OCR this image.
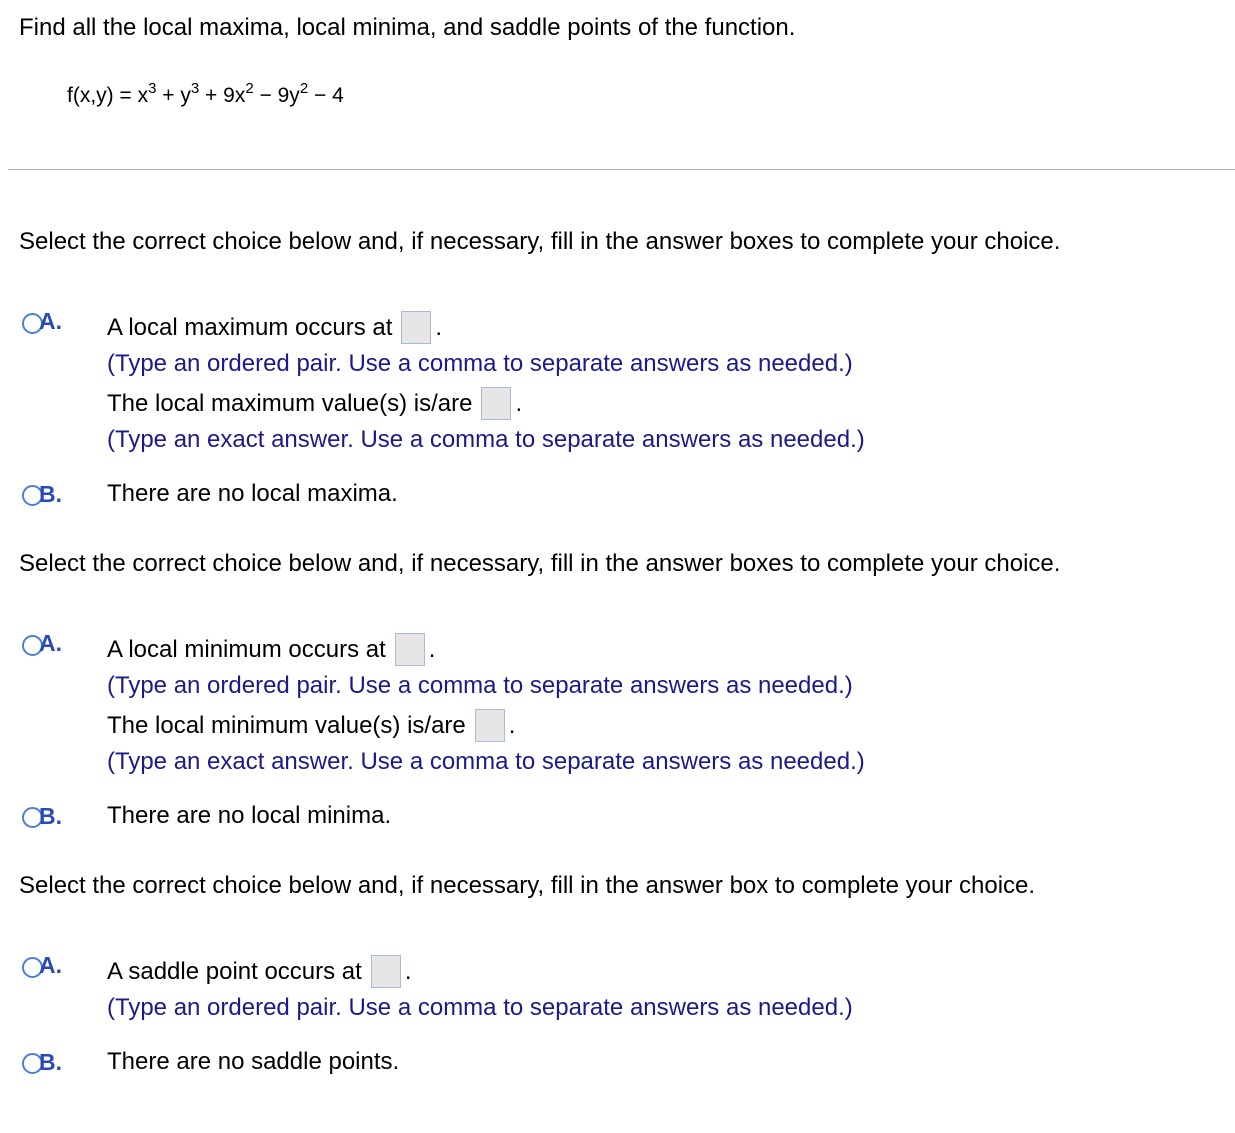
Find all the local maxima, local minima, and saddle points of the function.
$f(x,y) = x^3 + y^3 + 9x^2 - 9y^2 - 4$
Select the correct choice below and, if necessary, fill in the answer boxes to complete your choice.
A. A local maximum occurs at .
(Type an ordered pair. Use a comma to separate answers as needed.)
The local maximum value(s) is/are .
(Type an exact answer. Use a comma to separate answers as needed.)
B. There are no local maxima.
Select the correct choice below and, if necessary, fill in the answer boxes to complete your choice.
A. A local minimum occurs at .
(Type an ordered pair. Use a comma to separate answers as needed.)
The local minimum value(s) is/are .
(Type an exact answer. Use a comma to separate answers as needed.)
B. There are no local minima.
Select the correct choice below and, if necessary, fill in the answer box to complete your choice.
A. A saddle point occurs at .
(Type an ordered pair. Use a comma to separate answers as needed.)
B. There are no saddle points.
